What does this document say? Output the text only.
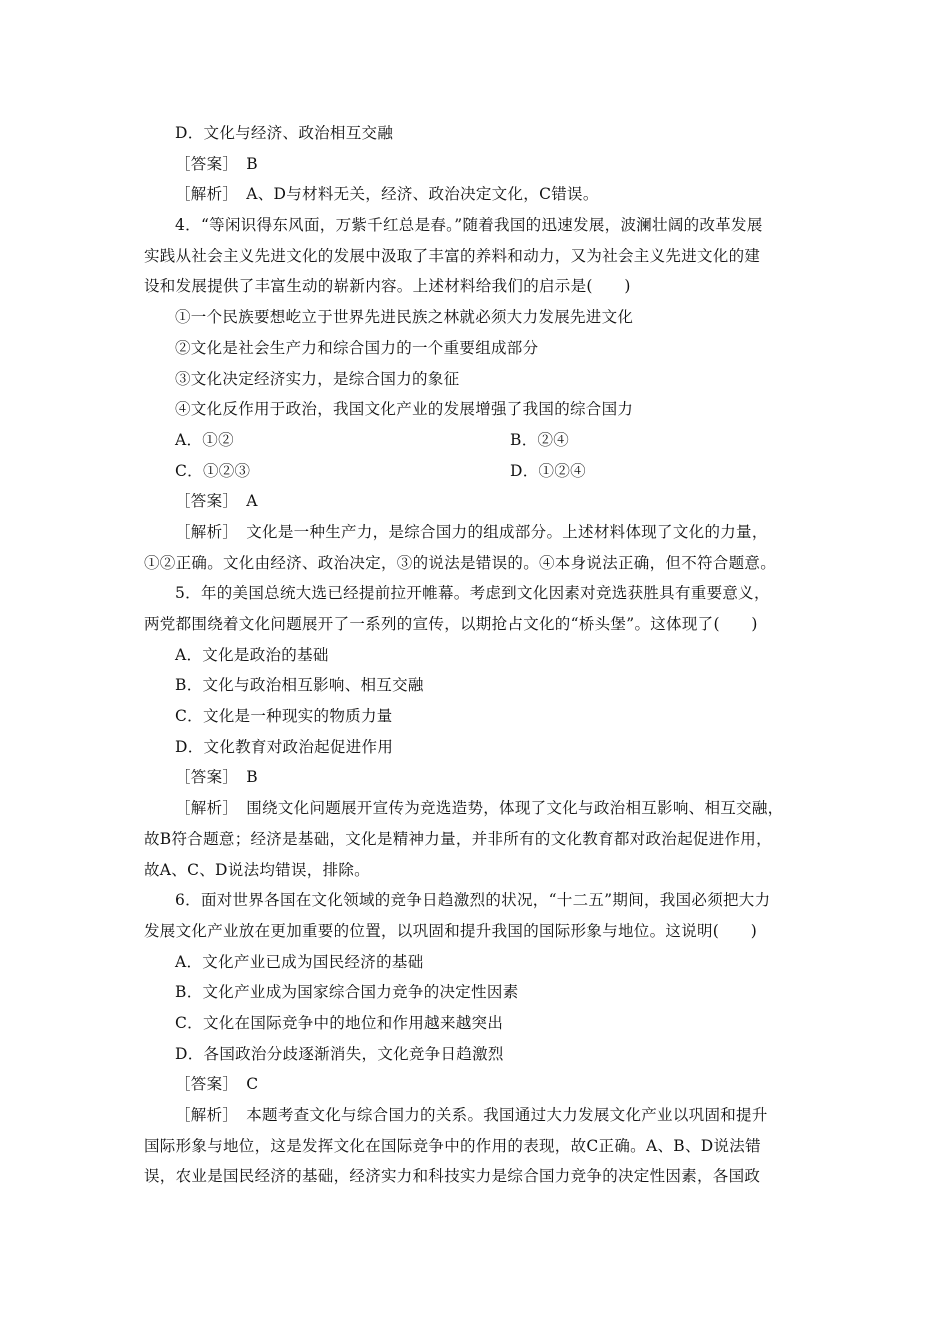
D．文化与经济、政治相互交融
［答案］　B
［解析］　A、D与材料无关，经济、政治决定文化，C错误。
4．“等闲识得东风面，万紫千红总是春。”随着我国的迅速发展，波澜壮阔的改革发展
实践从社会主义先进文化的发展中汲取了丰富的养料和动力，又为社会主义先进文化的建
设和发展提供了丰富生动的崭新内容。上述材料给我们的启示是(　　)
①一个民族要想屹立于世界先进民族之林就必须大力发展先进文化
②文化是社会生产力和综合国力的一个重要组成部分
③文化决定经济实力，是综合国力的象征
④文化反作用于政治，我国文化产业的发展增强了我国的综合国力
A．①②	B．②④
C．①②③	D．①②④
［答案］　A
［解析］　文化是一种生产力，是综合国力的组成部分。上述材料体现了文化的力量，
①②正确。文化由经济、政治决定，③的说法是错误的。④本身说法正确，但不符合题意。
5．年的美国总统大选已经提前拉开帷幕。考虑到文化因素对竞选获胜具有重要意义，
两党都围绕着文化问题展开了一系列的宣传，以期抢占文化的“桥头堡”。这体现了(　　)
A．文化是政治的基础
B．文化与政治相互影响、相互交融
C．文化是一种现实的物质力量
D．文化教育对政治起促进作用
［答案］　B
［解析］　围绕文化问题展开宣传为竞选造势，体现了文化与政治相互影响、相互交融，
故B符合题意；经济是基础，文化是精神力量，并非所有的文化教育都对政治起促进作用，
故A、C、D说法均错误，排除。
6．面对世界各国在文化领域的竞争日趋激烈的状况，“十二五”期间，我国必须把大力
发展文化产业放在更加重要的位置，以巩固和提升我国的国际形象与地位。这说明(　　)
A．文化产业已成为国民经济的基础
B．文化产业成为国家综合国力竞争的决定性因素
C．文化在国际竞争中的地位和作用越来越突出
D．各国政治分歧逐渐消失，文化竞争日趋激烈
［答案］　C
［解析］　本题考查文化与综合国力的关系。我国通过大力发展文化产业以巩固和提升
国际形象与地位，这是发挥文化在国际竞争中的作用的表现，故C正确。A、B、D说法错
误，农业是国民经济的基础，经济实力和科技实力是综合国力竞争的决定性因素，各国政
